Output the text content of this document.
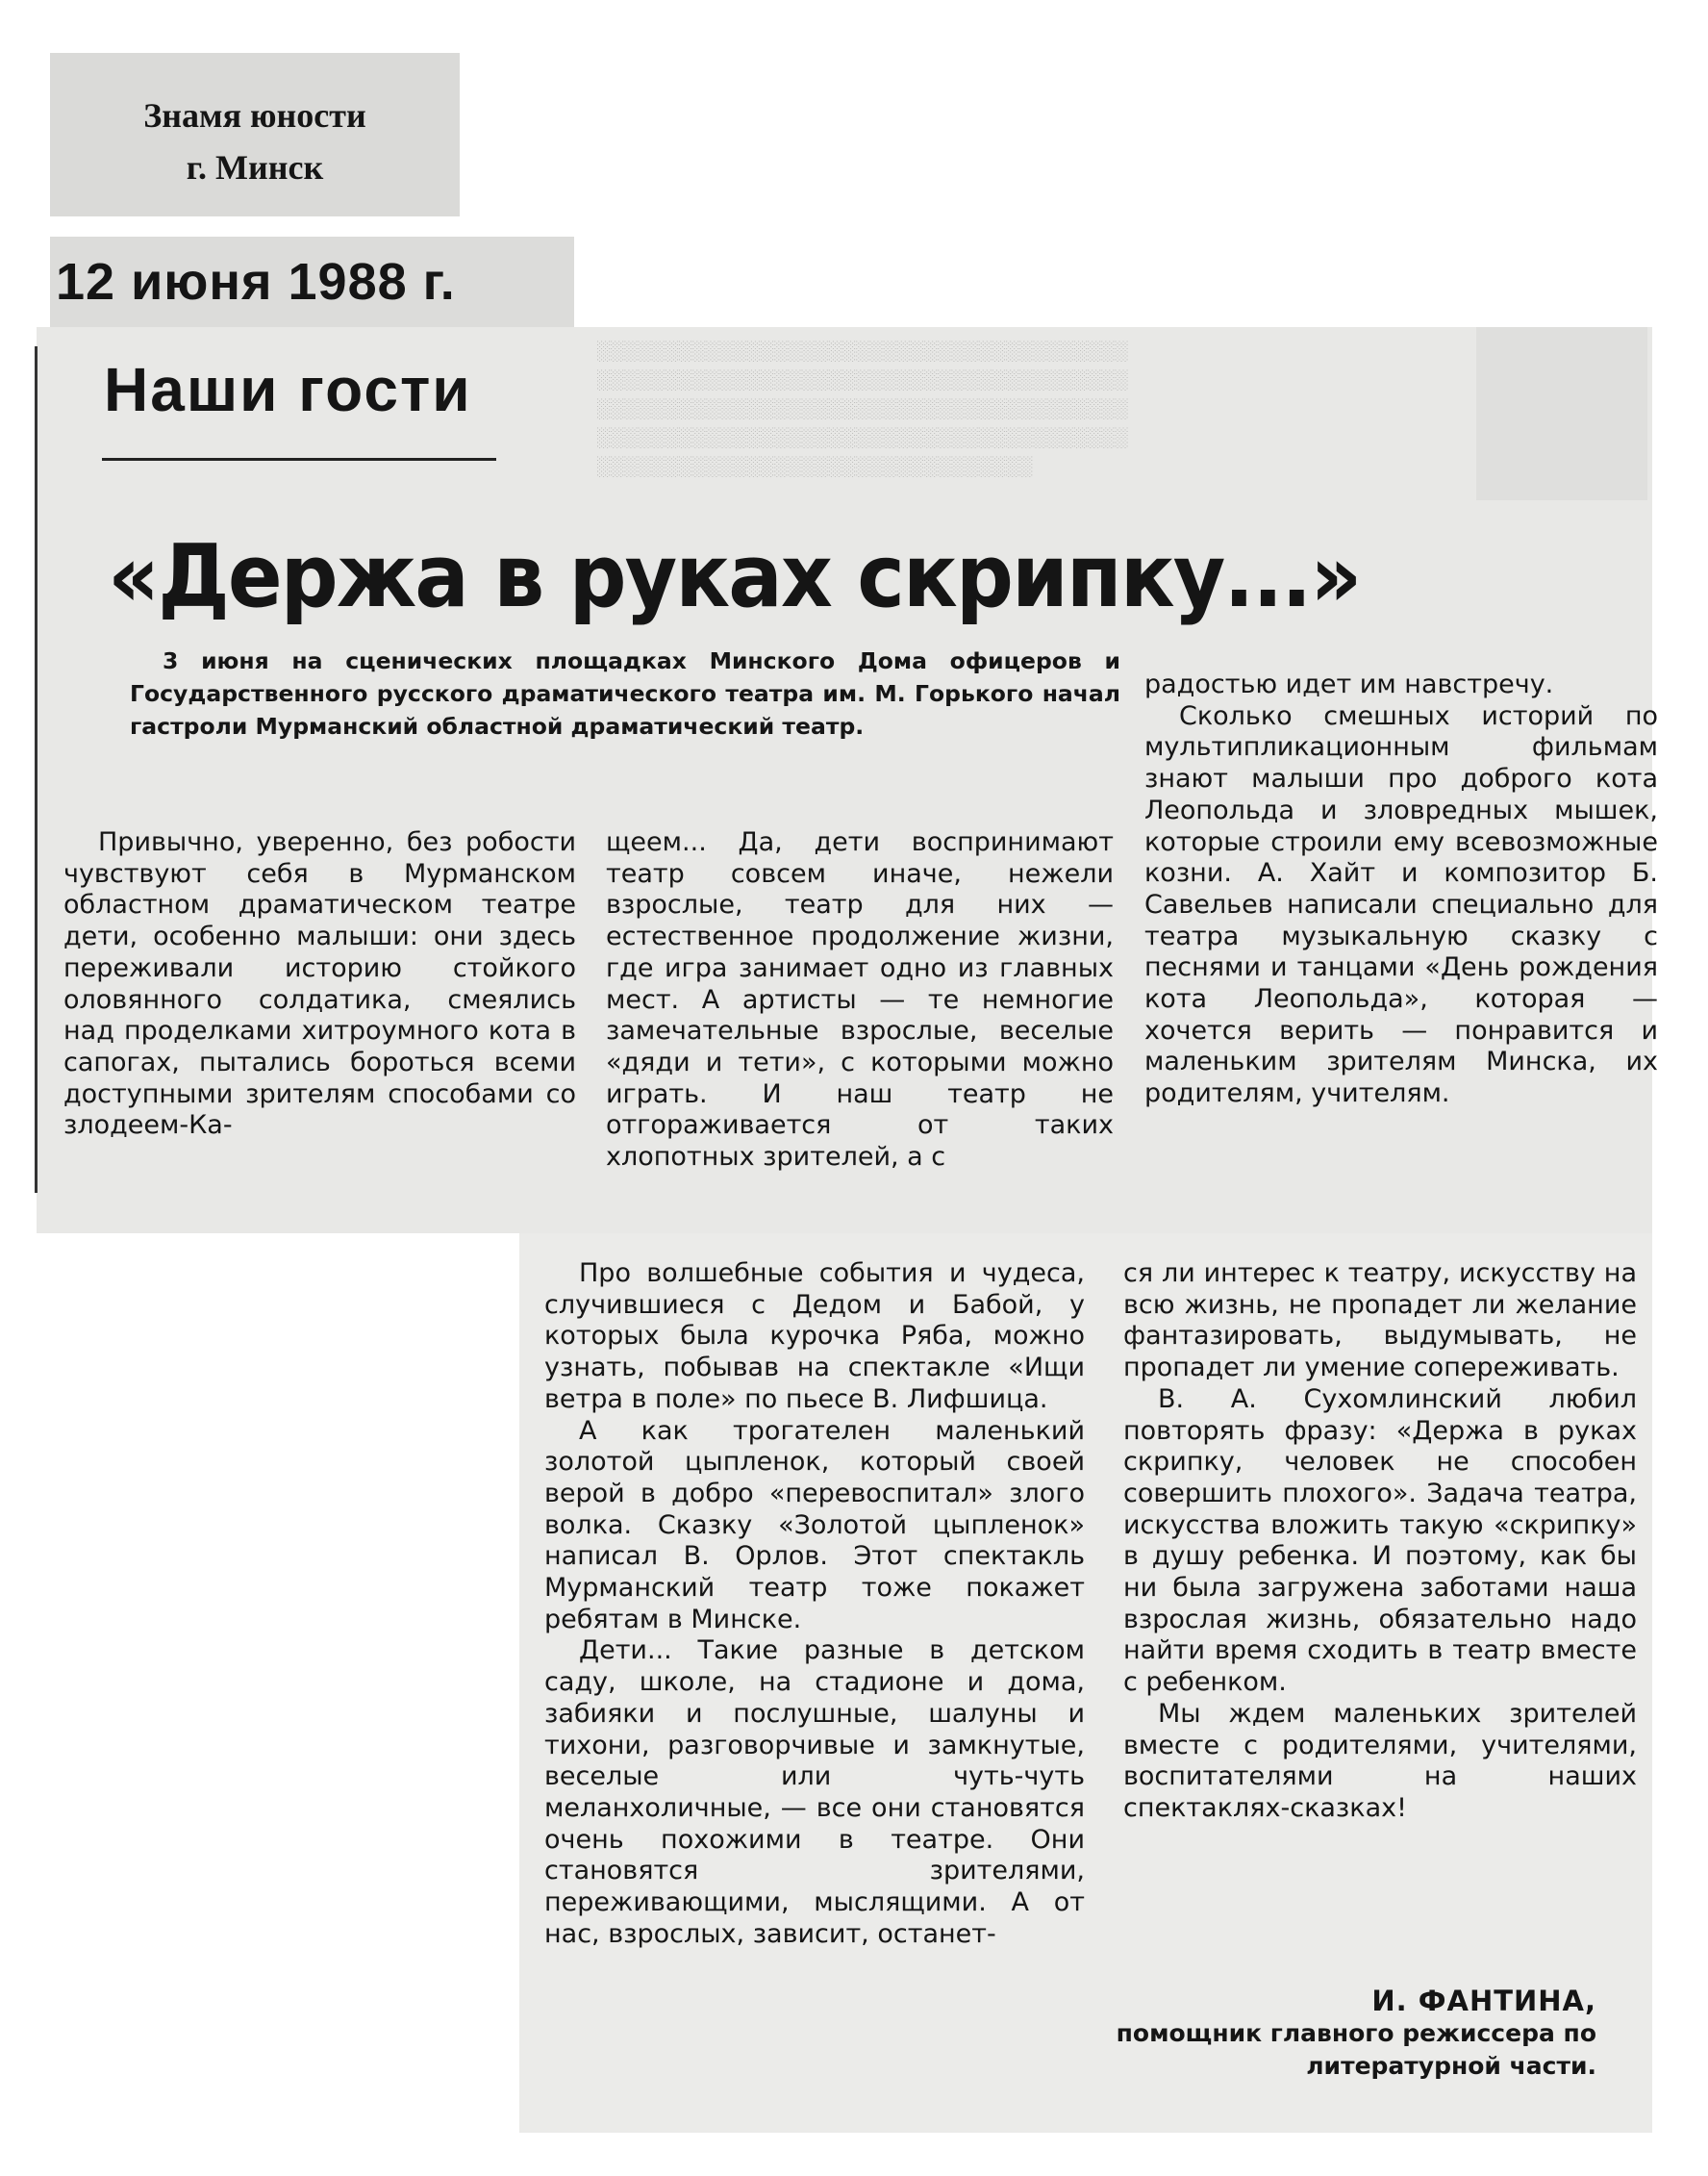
░░░░░░░░░░░░░░░░░░░░░░░░░░░░░░░░░░░░░░░
░░░░░░░░░░░░░░░░░░░░░░░░░░░░░░░░░░░░░░░
░░░░░░░░░░░░░░░░░░░░░░░░░░░░░░░░░░░░░░░
░░░░░░░░░░░░░░░░░░░░░░░░░░░░░░░░░░░░░░░
░░░░░░░░░░░░░░░░░░░░░░░░░░░░░░░░

Знамя юности
г. Минск
12 июня 1988 г.
Наши гости
«Держа в руках скрипку...»

3 июня на сценических площадках Минского Дома офицеров и Государственного русского драматического театра им. М. Горького начал гастроли Мурманский областной драматический театр.

Привычно, уверенно, без робости чувствуют себя в Мурманском областном драматическом театре дети, особенно малыши: они здесь переживали историю стойкого оловянного солдатика, смеялись над проделками хитроумного кота в сапогах, пытались бороться всеми доступными зрителям способами со злодеем-Ка-

щеем... Да, дети воспринимают театр совсем иначе, нежели взрослые, театр для них — естественное продолжение жизни, где игра занимает одно из главных мест. А артисты — те немногие замечательные взрослые, веселые «дяди и тети», с которыми можно играть. И наш театр не отгораживается от таких хлопотных зрителей, а с

радостью идет им навстречу.

Сколько смешных историй по мультипликационным фильмам знают малыши про доброго кота Леопольда и зловредных мышек, которые строили ему всевозможные козни. А. Хайт и композитор Б. Савельев написали специально для театра музыкальную сказку с песнями и танцами «День рождения кота Леопольда», которая — хочется верить — понравится и маленьким зрителям Минска, их родителям, учителям.

Про волшебные события и чудеса, случившиеся с Дедом и Бабой, у которых была курочка Ряба, можно узнать, побывав на спектакле «Ищи ветра в поле» по пьесе В. Лифшица.

А как трогателен маленький золотой цыпленок, который своей верой в добро «перевоспитал» злого волка. Сказку «Золотой цыпленок» написал В. Орлов. Этот спектакль Мурманский театр тоже покажет ребятам в Минске.

Дети... Такие разные в детском саду, школе, на стадионе и дома, забияки и послушные, шалуны и тихони, разговорчивые и замкнутые, веселые или чуть-чуть меланхоличные, — все они становятся очень похожими в театре. Они становятся зрителями, переживающими, мыслящими. А от нас, взрослых, зависит, останет-

ся ли интерес к театру, искусству на всю жизнь, не пропадет ли желание фантазировать, выдумывать, не пропадет ли умение сопереживать.

В. А. Сухомлинский любил повторять фразу: «Держа в руках скрипку, человек не способен совершить плохого». Задача театра, искусства вложить такую «скрипку» в душу ребенка. И поэтому, как бы ни была загружена заботами наша взрослая жизнь, обязательно надо найти время сходить в театр вместе с ребенком.

Мы ждем маленьких зрителей вместе с родителями, учителями, воспитателями на наших спектаклях-сказках!

И. ФАНТИНА,
помощник главного режиссера по литературной части.
